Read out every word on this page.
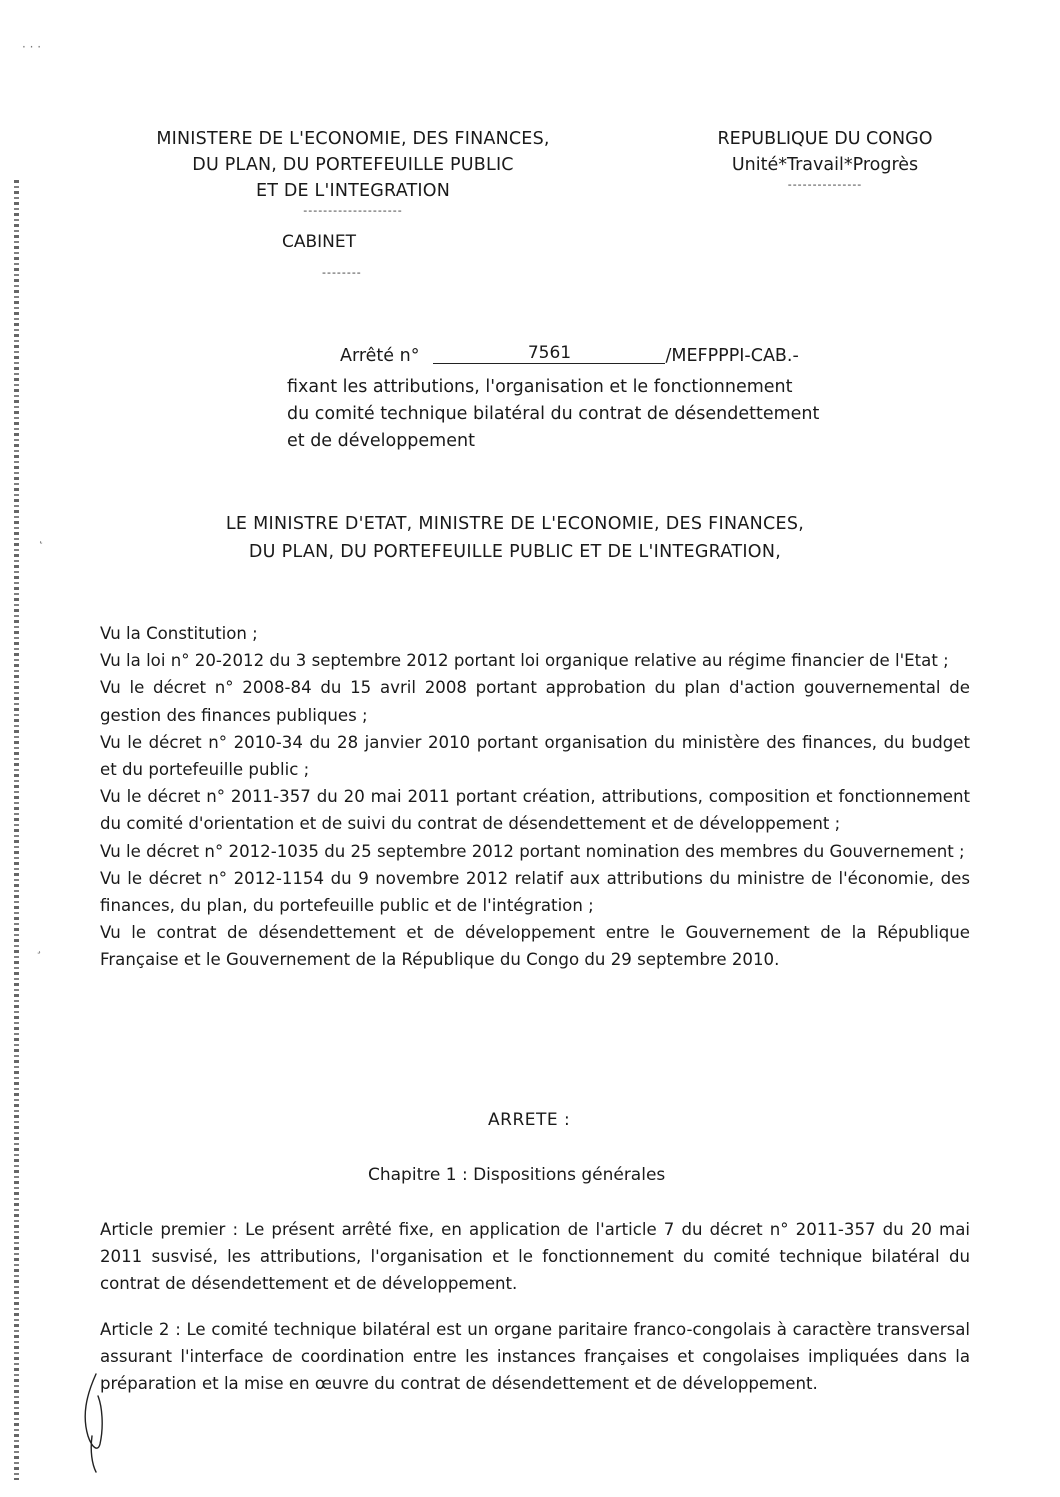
· · ·
˛
¸
MINISTERE DE L'ECONOMIE, DES FINANCES,
DU PLAN, DU PORTEFEUILLE PUBLIC
ET DE L'INTEGRATION
--------------------
CABINET
--------
REPUBLIQUE DU CONGO
Unité*Travail*Progrès
---------------
Arrêté n°	7561	/MEFPPPI-CAB.-
fixant les attributions, l'organisation et le fonctionnement
du comité technique bilatéral du contrat de désendettement
et de développement
LE MINISTRE D'ETAT, MINISTRE DE L'ECONOMIE, DES FINANCES,
DU PLAN, DU PORTEFEUILLE PUBLIC ET DE L'INTEGRATION,
Vu la Constitution ;
Vu la loi n° 20-2012 du 3 septembre 2012 portant loi organique relative au régime financier de l'Etat ;
Vu le décret n° 2008-84 du 15 avril 2008 portant approbation du plan d'action gouvernemental de gestion des finances publiques ;
Vu le décret n° 2010-34 du 28 janvier 2010 portant organisation du ministère des finances, du budget et du portefeuille public ;
Vu le décret n° 2011-357 du 20 mai 2011 portant création, attributions, composition et fonctionnement du comité d'orientation et de suivi du contrat de désendettement et de développement ;
Vu le décret n° 2012-1035 du 25 septembre 2012 portant nomination des membres du Gouvernement ;
Vu le décret n° 2012-1154 du 9 novembre 2012 relatif aux attributions du ministre de l'économie, des finances, du plan, du portefeuille public et de l'intégration ;
Vu le contrat de désendettement et de développement entre le Gouvernement de la République Française et le Gouvernement de la République du Congo du 29 septembre 2010.
ARRETE :
Chapitre 1 : Dispositions générales
Article premier : Le présent arrêté fixe, en application de l'article 7 du décret n° 2011-357 du 20 mai 2011 susvisé, les attributions, l'organisation et le fonctionnement du comité technique bilatéral du contrat de désendettement et de développement.
Article 2 : Le comité technique bilatéral est un organe paritaire franco-congolais à caractère transversal assurant l'interface de coordination entre les instances françaises et congolaises impliquées dans la préparation et la mise en œuvre du contrat de désendettement et de développement.
